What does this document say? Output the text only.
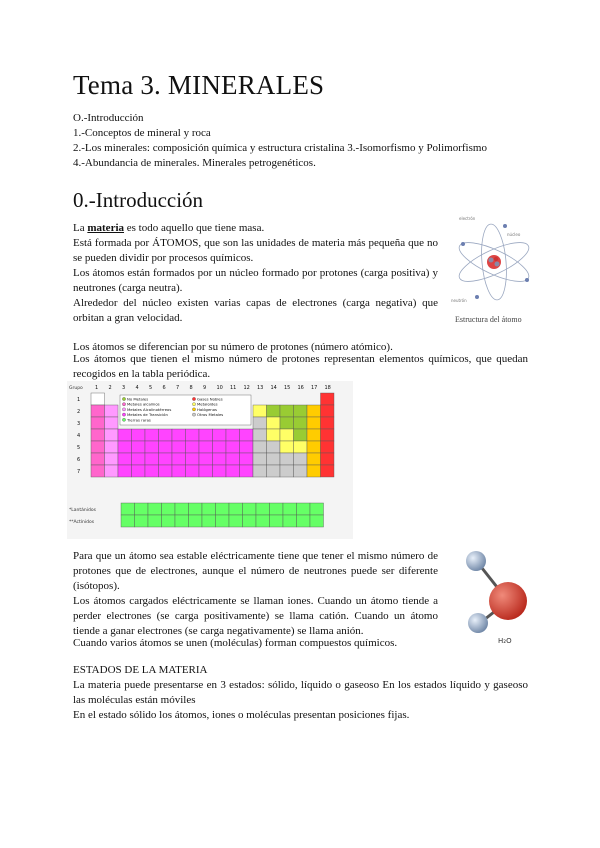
Tema 3. MINERALES
O.-Introducción
1.-Conceptos de mineral y roca
2.-Los minerales: composición química y estructura cristalina 3.-Isomorfismo y Polimorfismo
4.-Abundancia de minerales. Minerales petrogenéticos.
0.-Introducción
La materia es todo aquello que tiene masa.
Está formada por ÁTOMOS, que son las unidades de materia más pequeña que no se pueden dividir por procesos químicos.
Los átomos están formados por un núcleo formado por protones (carga positiva) y neutrones (carga neutra).
Alrededor del núcleo existen varias capas de electrones (carga negativa) que orbitan a gran velocidad.
electrón
núcleo
neutrón
Estructura del átomo
Los átomos se diferencian por su número de protones (número atómico).
Los átomos que tienen el mismo número de protones representan elementos químicos, que quedan recogidos en la tabla periódica.
Grupo 1 2 3 4 5 6 7 8 9 10 11 12 13 14 15 16 17 18
1
2
3
4
5
6
7
No Metales
Metales alcalinos
Metales Alcalinotérreos
Metales de Transición
Tierras raras
Gases Nobles
Metaloides
Halógenos
Otros Metales
*Lantánidos
**Actínidos
Para que un átomo sea estable eléctricamente tiene que tener el mismo número de protones que de electrones, aunque el número de neutrones puede ser diferente (isótopos).
Los átomos cargados eléctricamente se llaman iones. Cuando un átomo tiende a perder electrones (se carga positivamente) se llama catión. Cuando un átomo tiende a ganar electrones (se carga negativamente) se llama anión.
Cuando varios átomos se unen (moléculas) forman compuestos químicos.	H₂O
ESTADOS DE LA MATERIA
La materia puede presentarse en 3 estados: sólido, líquido o gaseoso En los estados líquido y gaseoso las moléculas están móviles
En el estado sólido los átomos, iones o moléculas presentan posiciones fijas.
